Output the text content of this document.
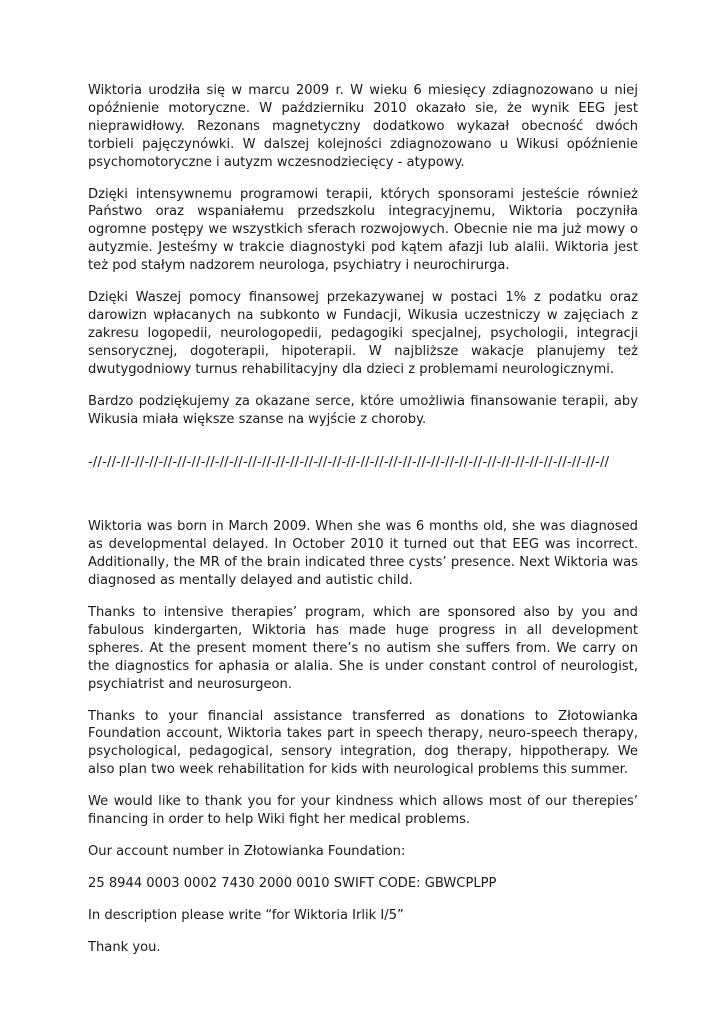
Wiktoria urodziła się w marcu 2009 r. W wieku 6 miesięcy zdiagnozowano u niej opóźnienie motoryczne. W październiku 2010 okazało sie, że wynik EEG jest nieprawidłowy. Rezonans magnetyczny dodatkowo wykazał obecność dwóch torbieli pajęczynówki. W dalszej kolejności zdiagnozowano u Wikusi opóźnienie psychomotoryczne i autyzm wczesnodziecięcy - atypowy.

Dzięki intensywnemu programowi terapii, których sponsorami jesteście również Państwo oraz wspaniałemu przedszkolu integracyjnemu, Wiktoria poczyniła ogromne postępy we wszystkich sferach rozwojowych. Obecnie nie ma już mowy o autyzmie. Jesteśmy w trakcie diagnostyki pod kątem afazji lub alalii. Wiktoria jest też pod stałym nadzorem neurologa, psychiatry i neurochirurga.

Dzięki Waszej pomocy finansowej przekazywanej w postaci 1% z podatku oraz darowizn wpłacanych na subkonto w Fundacji, Wikusia uczestniczy w zajęciach z zakresu logopedii, neurologopedii, pedagogiki specjalnej, psychologii, integracji sensorycznej, dogoterapii, hipoterapii. W najbliższe wakacje planujemy też dwutygodniowy turnus rehabilitacyjny dla dzieci z problemami neurologicznymi.

Bardzo podziękujemy za okazane serce, które umożliwia finansowanie terapii, aby Wikusia miała większe szanse na wyjście z choroby.

-//-//-//-//-//-//-//-//-//-//-//-//-//-//-//-//-//-//-//-//-//-//-//-//-//-//-//-//-//-//-//-//-//-//-//-//-//

Wiktoria was born in March 2009. When she was 6 months old, she was diagnosed as developmental delayed. In October 2010 it turned out that EEG was incorrect. Additionally, the MR of the brain indicated three cysts’ presence. Next Wiktoria was diagnosed as mentally delayed and autistic child.

Thanks to intensive therapies’ program, which are sponsored also by you and fabulous kindergarten, Wiktoria has made huge progress in all development spheres. At the present moment there’s no autism she suffers from. We carry on the diagnostics for aphasia or alalia. She is under constant control of neurologist, psychiatrist and neurosurgeon.

Thanks to your financial assistance transferred as donations to Złotowianka Foundation account, Wiktoria takes part in speech therapy, neuro-speech therapy, psychological, pedagogical, sensory integration, dog therapy, hippotherapy. We also plan two week rehabilitation for kids with neurological problems this summer.

We would like to thank you for your kindness which allows most of our therepies’ financing in order to help Wiki fight her medical problems.

Our account number in Złotowianka Foundation:

25 8944 0003 0002 7430 2000 0010 SWIFT CODE: GBWCPLPP

In description please write “for Wiktoria Irlik I/5”

Thank you.
